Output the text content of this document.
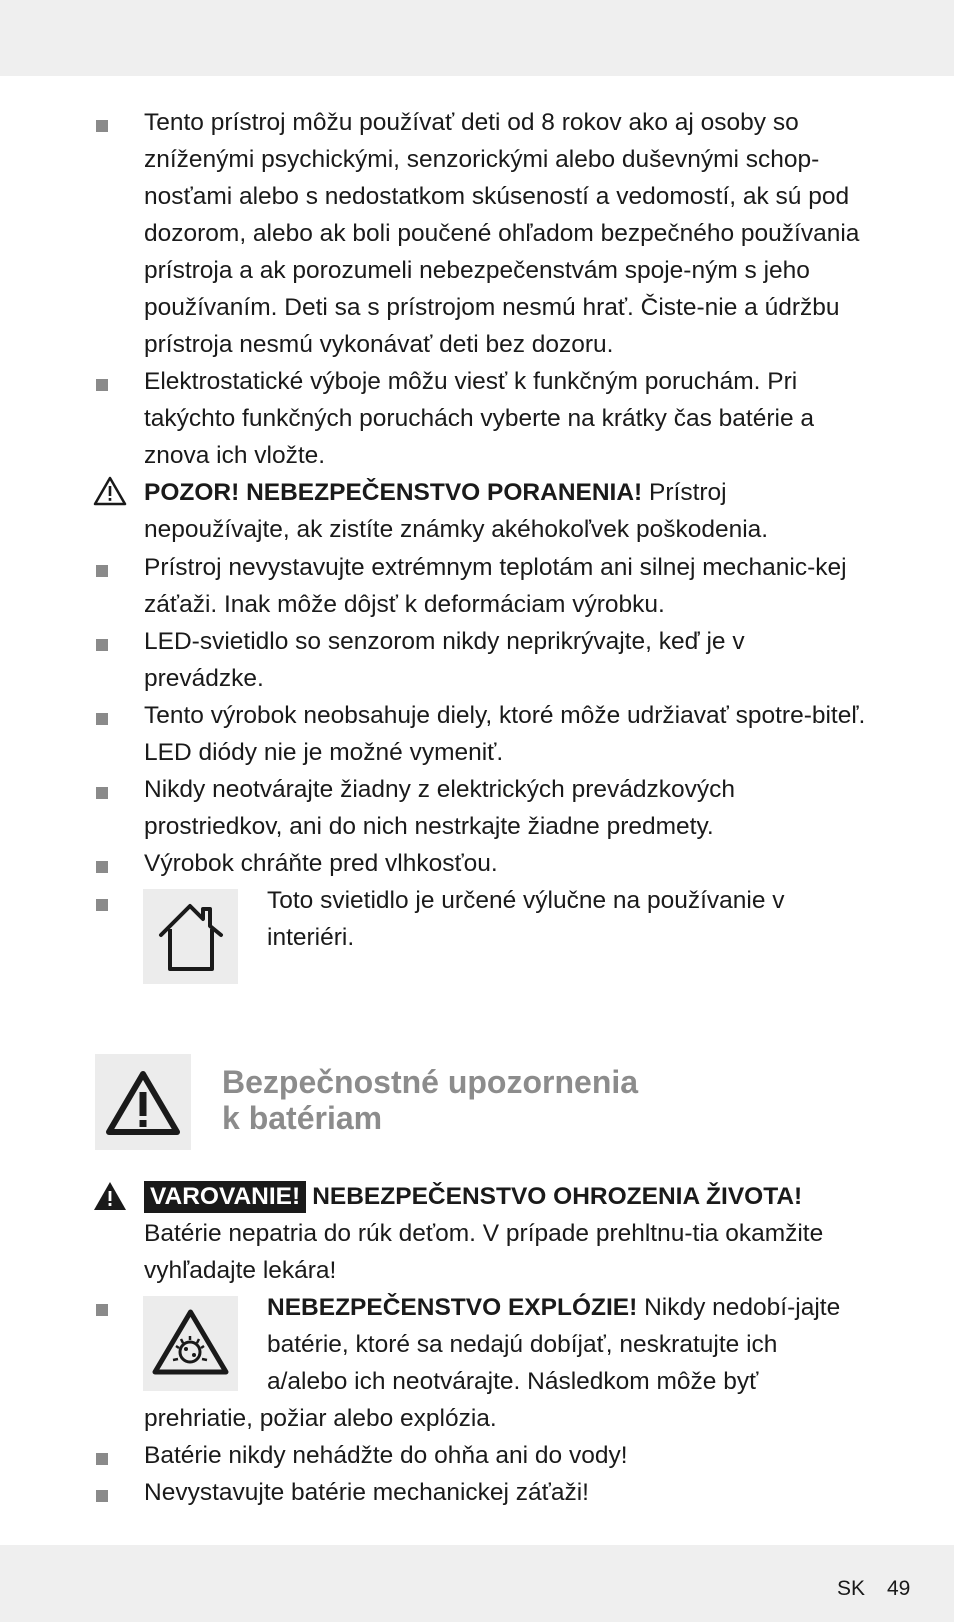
Tento prístroj môžu používať deti od 8 rokov ako aj osoby so zníženými psychickými, senzorickými alebo duševnými schop-nosťami alebo s nedostatkom skúseností a vedomostí, ak sú pod dozorom, alebo ak boli poučené ohľadom bezpečného používania prístroja a ak porozumeli nebezpečenstvám spoje-ným s jeho používaním. Deti sa s prístrojom nesmú hrať. Čiste-nie a údržbu prístroja nesmú vykonávať deti bez dozoru.
Elektrostatické výboje môžu viesť k funkčným poruchám. Pri takýchto funkčných poruchách vyberte na krátky čas batérie a znova ich vložte.
POZOR! NEBEZPEČENSTVO PORANENIA! Prístroj nepoužívajte, ak zistíte známky akéhokoľvek poškodenia.
Prístroj nevystavujte extrémnym teplotám ani silnej mechanic-kej záťaži. Inak môže dôjsť k deformáciam výrobku.
LED-svietidlo so senzorom nikdy neprikrývajte, keď je v prevádzke.
Tento výrobok neobsahuje diely, ktoré môže udržiavať spotre-biteľ. LED diódy nie je možné vymeniť.
Nikdy neotvárajte žiadny z elektrických prevádzkových prostriedkov, ani do nich nestrkajte žiadne predmety.
Výrobok chráňte pred vlhkosťou.
Toto svietidlo je určené výlučne na používanie v interiéri.
Bezpečnostné upozornenia
k batériam
VAROVANIE! NEBEZPEČENSTVO OHROZENIA ŽIVOTA! Batérie nepatria do rúk deťom. V prípade prehltnu-tia okamžite vyhľadajte lekára!
NEBEZPEČENSTVO EXPLÓZIE! Nikdy nedobí-jajte batérie, ktoré sa nedajú dobíjať, neskratujte ich a/alebo ich neotvárajte. Následkom môže byť
prehriatie, požiar alebo explózia.
Batérie nikdy nehádžte do ohňa ani do vody!
Nevystavujte batérie mechanickej záťaži!
SK 49
